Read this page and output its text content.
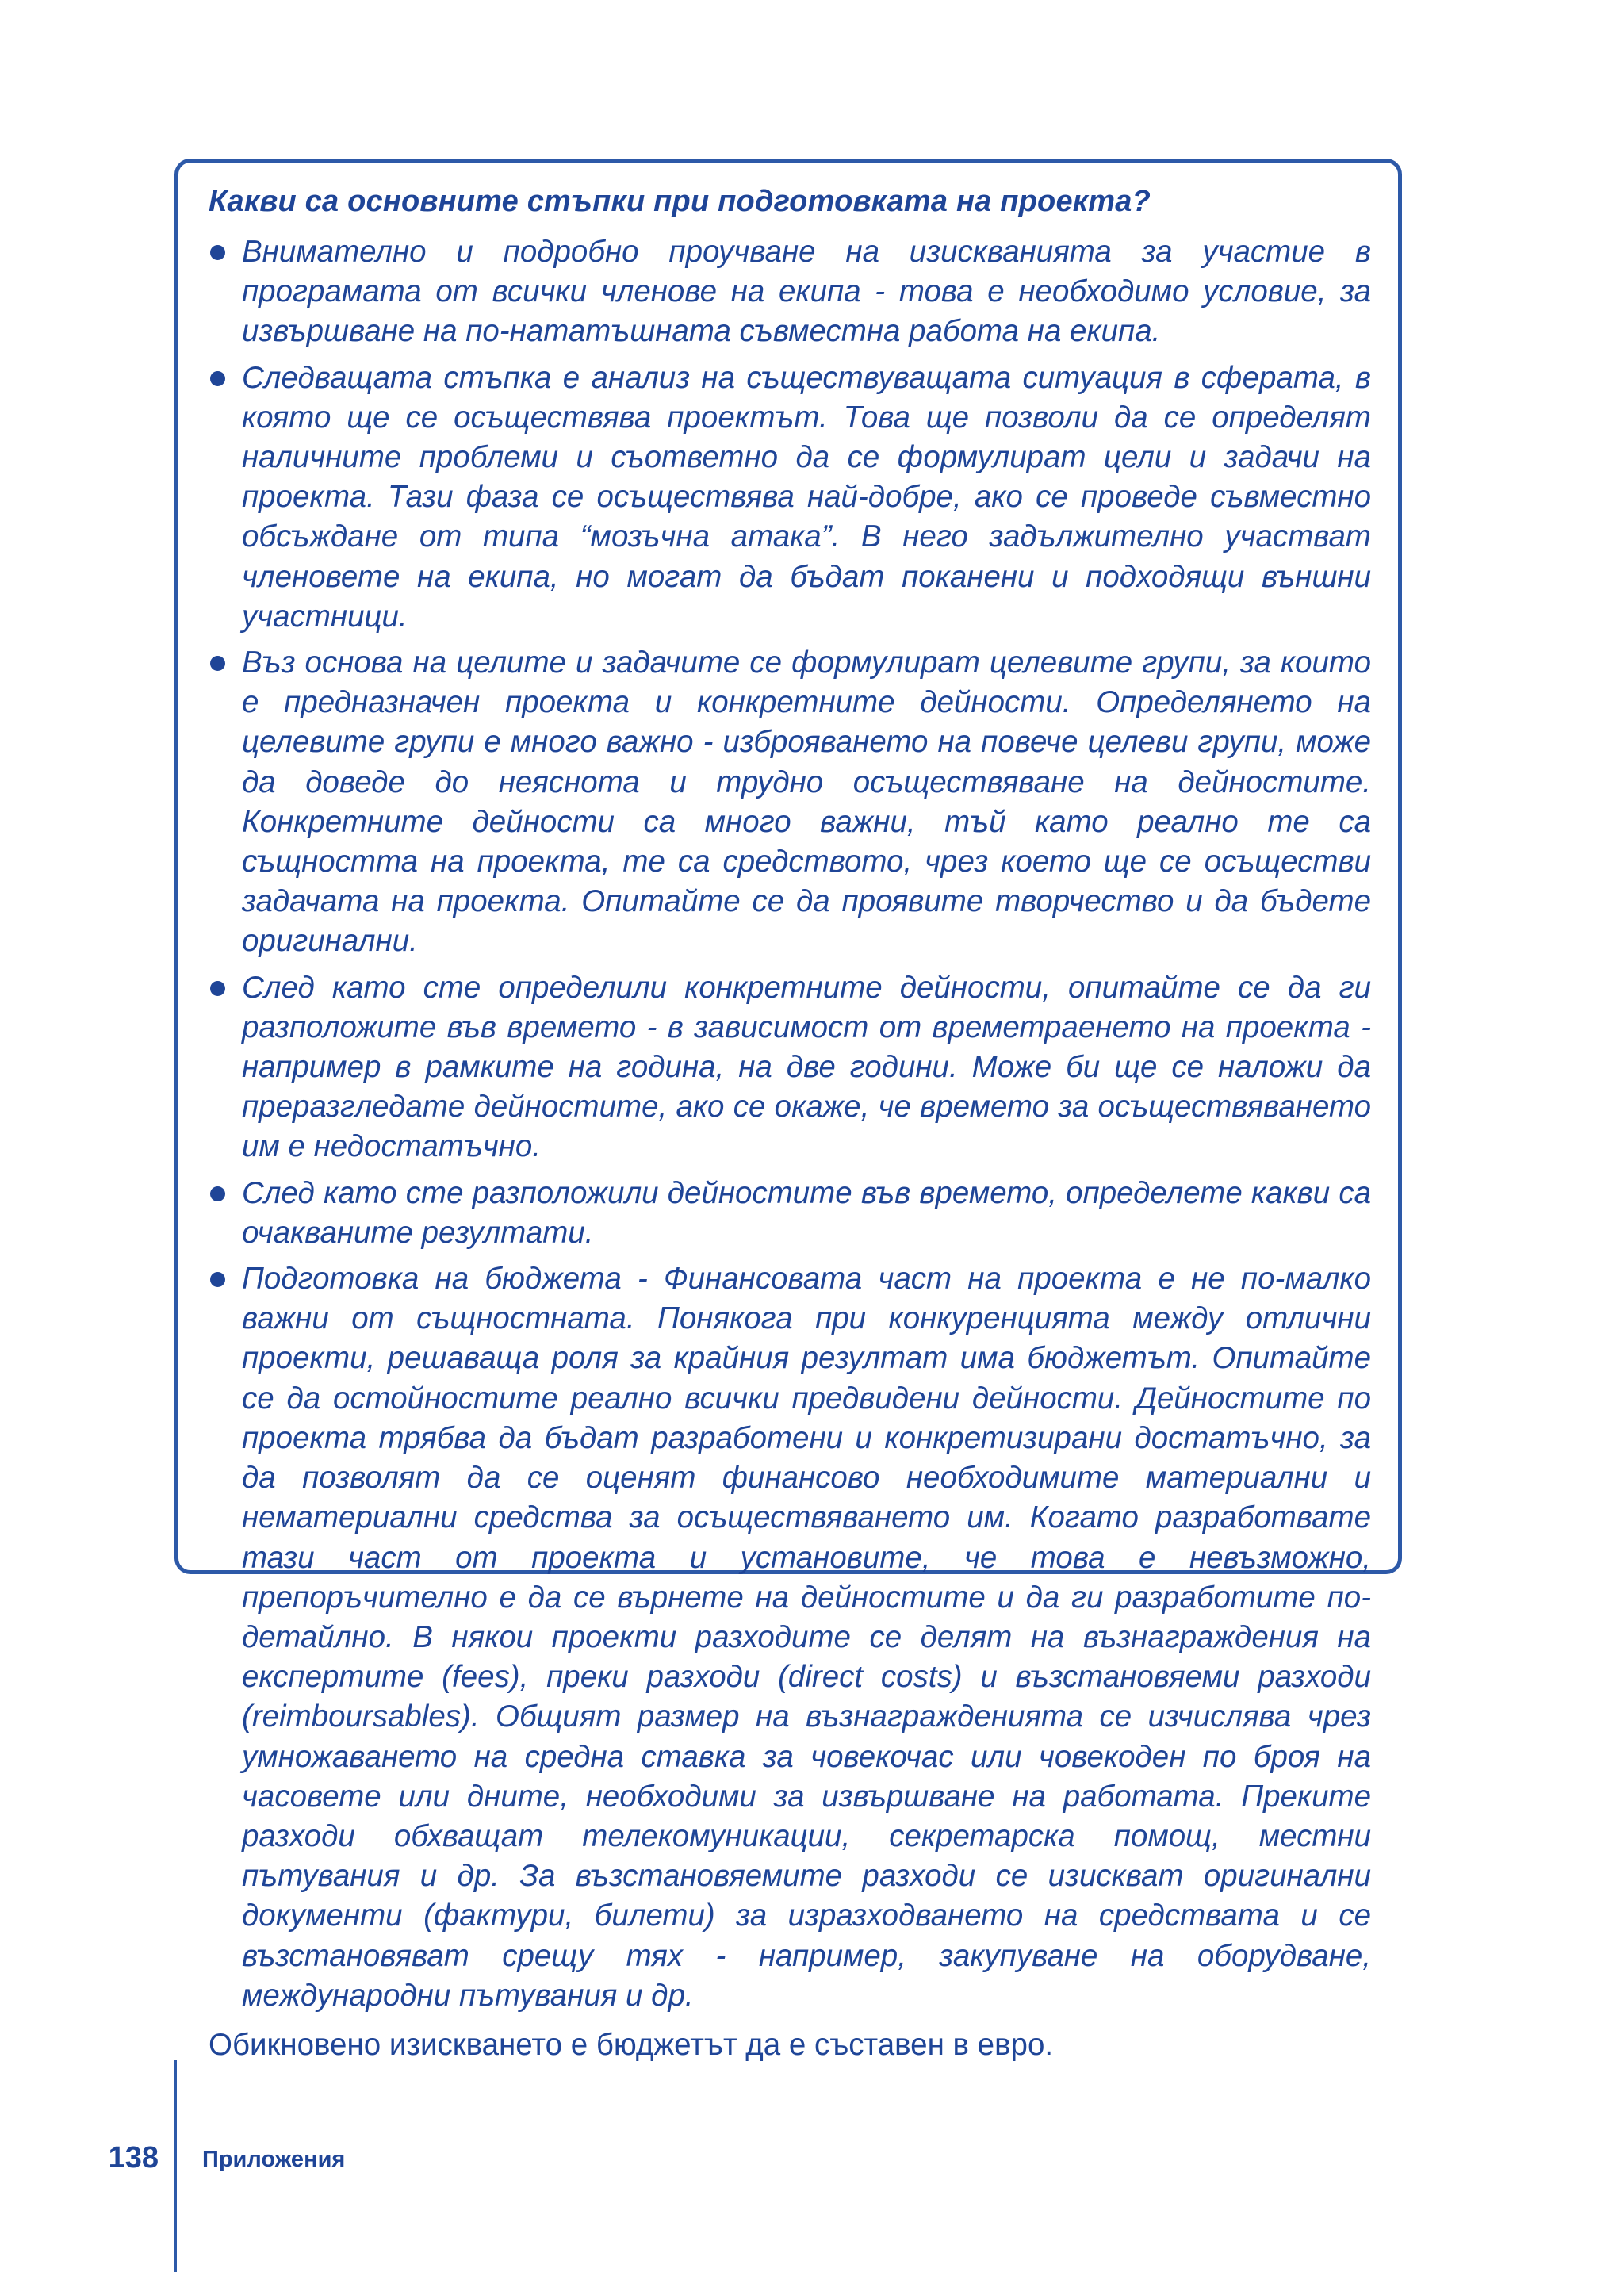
Какви са основните стъпки при подготовката на проекта?
Внимателно и подробно проучване на изискванията за участие в програмата от всички членове на екипа - това е необходимо условие, за извършване на по-нататъшната съвместна работа на екипа.
Следващата стъпка е анализ на съществуващата ситуация в сферата, в която ще се осъществява проектът. Това ще позволи да се определят наличните проблеми и съответно да се формулират цели и задачи на проекта. Тази фаза се осъществява най-добре, ако се проведе съвместно обсъждане от типа “мозъчна атака”. В него задължително участват членовете на екипа, но могат да бъдат поканени и подходящи външни участници.
Въз основа на целите и задачите се формулират целевите групи, за които е предназначен проекта и конкретните дейности. Определянето на целевите групи е много важно - изброяването на повече целеви групи, може да доведе до неяснота и трудно осъществяване на дейностите. Конкретните дейности са много важни, тъй като реално те са същността на проекта, те са средството, чрез което ще се осъществи задачата на проекта. Опитайте се да проявите творчество и да бъдете оригинални.
След като сте определили конкретните дейности, опитайте се да ги разположите във времето - в зависимост от времетраенето на проекта - например в рамките на година, на две години. Може би ще се наложи да преразгледате дейностите, ако се окаже, че времето за осъществяването им е недостатъчно.
След като сте разположили дейностите във времето, определете какви са очакваните резултати.
Подготовка на бюджета - Финансовата част на проекта е не по-малко важни от същностната. Понякога при конкуренцията между отлични проекти, решаваща роля за крайния резултат има бюджетът. Опитайте се да остойностите реално всички предвидени дейности. Дейностите по проекта трябва да бъдат разработени и конкретизирани достатъчно, за да позволят да се оценят финансово необходимите материални и нематериални средства за осъществяването им. Когато разработвате тази част от проекта и установите, че това е невъзможно, препоръчително е да се върнете на дейностите и да ги разработите по-детайлно. В някои проекти разходите се делят на възнаграждения на експертите (fees), преки разходи (direct costs) и възстановяеми разходи (reimboursables). Общият размер на възнагражденията се изчислява чрез умножаването на средна ставка за човекочас или човекоден по броя на часовете или дните, необходими за извършване на работата. Преките разходи обхващат телекомуникации, секретарска помощ, местни пътувания и др. За възстановяемите разходи се изискват оригинални документи (фактури, билети) за изразходването на средствата и се възстановяват срещу тях - например, закупуване на оборудване, международни пътувания и др.
Обикновено изискването е бюджетът да е съставен в евро.
138 Приложения
